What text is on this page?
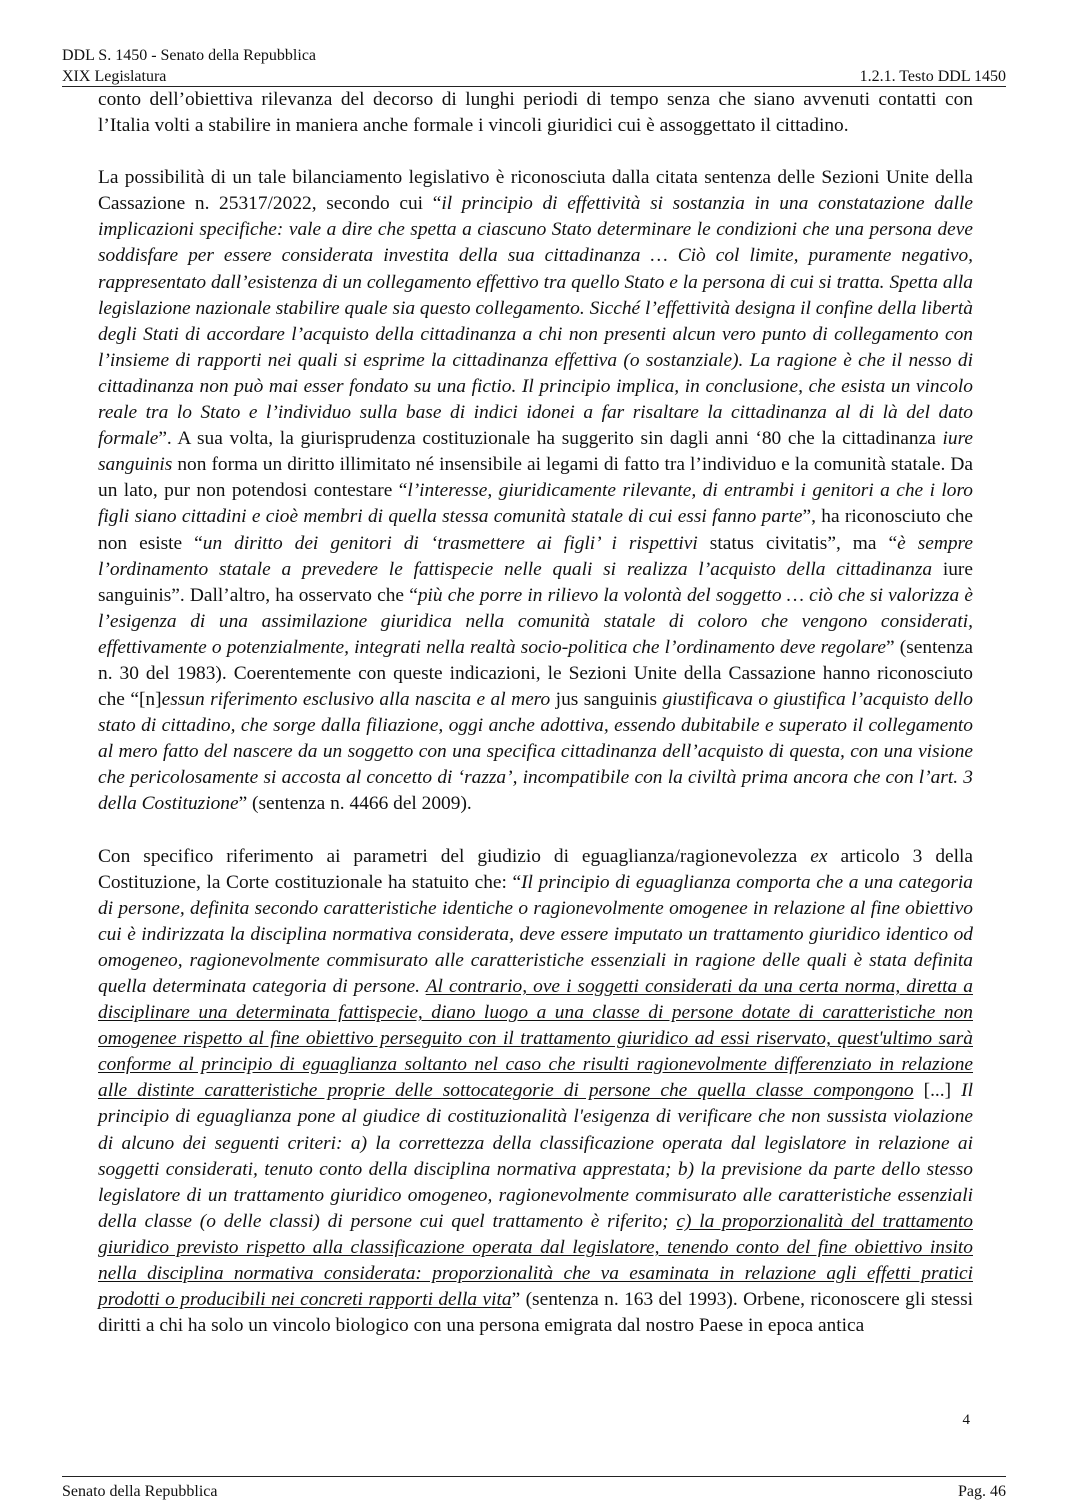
DDL S. 1450 - Senato della Repubblica
XIX Legislatura	1.2.1. Testo DDL 1450

conto dell’obiettiva rilevanza del decorso di lunghi periodi di tempo senza che siano avvenuti contatti con l’Italia volti a stabilire in maniera anche formale i vincoli giuridici cui è assoggettato il cittadino.

La possibilità di un tale bilanciamento legislativo è riconosciuta dalla citata sentenza delle Sezioni Unite della Cassazione n. 25317/2022, secondo cui “il principio di effettività si sostanzia in una constatazione dalle implicazioni specifiche: vale a dire che spetta a ciascuno Stato determinare le condizioni che una persona deve soddisfare per essere considerata investita della sua cittadinanza … Ciò col limite, puramente negativo, rappresentato dall’esistenza di un collegamento effettivo tra quello Stato e la persona di cui si tratta. Spetta alla legislazione nazionale stabilire quale sia questo collegamento. Sicché l’effettività designa il confine della libertà degli Stati di accordare l’acquisto della cittadinanza a chi non presenti alcun vero punto di collegamento con l’insieme di rapporti nei quali si esprime la cittadinanza effettiva (o sostanziale). La ragione è che il nesso di cittadinanza non può mai esser fondato su una fictio. Il principio implica, in conclusione, che esista un vincolo reale tra lo Stato e l’individuo sulla base di indici idonei a far risaltare la cittadinanza al di là del dato formale”. A sua volta, la giurisprudenza costituzionale ha suggerito sin dagli anni ‘80 che la cittadinanza iure sanguinis non forma un diritto illimitato né insensibile ai legami di fatto tra l’individuo e la comunità statale. Da un lato, pur non potendosi contestare “l’interesse, giuridicamente rilevante, di entrambi i genitori a che i loro figli siano cittadini e cioè membri di quella stessa comunità statale di cui essi fanno parte”, ha riconosciuto che non esiste “un diritto dei genitori di ‘trasmettere ai figli’ i rispettivi status civitatis”, ma “è sempre l’ordinamento statale a prevedere le fattispecie nelle quali si realizza l’acquisto della cittadinanza iure sanguinis”. Dall’altro, ha osservato che “più che porre in rilievo la volontà del soggetto … ciò che si valorizza è l’esigenza di una assimilazione giuridica nella comunità statale di coloro che vengono considerati, effettivamente o potenzialmente, integrati nella realtà socio-politica che l’ordinamento deve regolare” (sentenza n. 30 del 1983). Coerentemente con queste indicazioni, le Sezioni Unite della Cassazione hanno riconosciuto che “[n]essun riferimento esclusivo alla nascita e al mero jus sanguinis giustificava o giustifica l’acquisto dello stato di cittadino, che sorge dalla filiazione, oggi anche adottiva, essendo dubitabile e superato il collegamento al mero fatto del nascere da un soggetto con una specifica cittadinanza dell’acquisto di questa, con una visione che pericolosamente si accosta al concetto di ‘razza’, incompatibile con la civiltà prima ancora che con l’art. 3 della Costituzione” (sentenza n. 4466 del 2009).

Con specifico riferimento ai parametri del giudizio di eguaglianza/ragionevolezza ex articolo 3 della Costituzione, la Corte costituzionale ha statuito che: “Il principio di eguaglianza comporta che a una categoria di persone, definita secondo caratteristiche identiche o ragionevolmente omogenee in relazione al fine obiettivo cui è indirizzata la disciplina normativa considerata, deve essere imputato un trattamento giuridico identico od omogeneo, ragionevolmente commisurato alle caratteristiche essenziali in ragione delle quali è stata definita quella determinata categoria di persone. Al contrario, ove i soggetti considerati da una certa norma, diretta a disciplinare una determinata fattispecie, diano luogo a una classe di persone dotate di caratteristiche non omogenee rispetto al fine obiettivo perseguito con il trattamento giuridico ad essi riservato, quest'ultimo sarà conforme al principio di eguaglianza soltanto nel caso che risulti ragionevolmente differenziato in relazione alle distinte caratteristiche proprie delle sottocategorie di persone che quella classe compongono [...] Il principio di eguaglianza pone al giudice di costituzionalità l'esigenza di verificare che non sussista violazione di alcuno dei seguenti criteri: a) la correttezza della classificazione operata dal legislatore in relazione ai soggetti considerati, tenuto conto della disciplina normativa apprestata; b) la previsione da parte dello stesso legislatore di un trattamento giuridico omogeneo, ragionevolmente commisurato alle caratteristiche essenziali della classe (o delle classi) di persone cui quel trattamento è riferito; c) la proporzionalità del trattamento giuridico previsto rispetto alla classificazione operata dal legislatore, tenendo conto del fine obiettivo insito nella disciplina normativa considerata: proporzionalità che va esaminata in relazione agli effetti pratici prodotti o producibili nei concreti rapporti della vita” (sentenza n. 163 del 1993). Orbene, riconoscere gli stessi diritti a chi ha solo un vincolo biologico con una persona emigrata dal nostro Paese in epoca antica

4
Senato della Repubblica	Pag. 46
